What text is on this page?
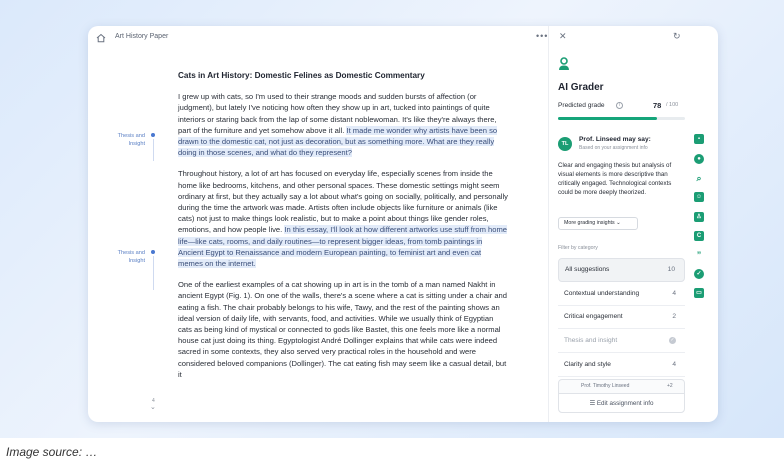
Art History Paper	•••
Cats in Art History: Domestic Felines as Domestic Commentary

I grew up with cats, so I'm used to their strange moods and sudden bursts of affection (or judgment), but lately I've noticing how often they show up in art, tucked into paintings of quite interiors or staring back from the lap of some distant noblewoman. It's like they're always there, part of the furniture and yet somehow above it all. It made me wonder why artists have been so drawn to the domestic cat, not just as decoration, but as something more. What are they really doing in those scenes, and what do they represent?

Throughout history, a lot of art has focused on everyday life, especially scenes from inside the home like bedrooms, kitchens, and other personal spaces. These domestic settings might seem ordinary at first, but they actually say a lot about what's going on socially, politically, and personally during the time the artwork was made. Artists often include objects like furniture or animals (like cats) not just to make things look realistic, but to make a point about things like gender roles, emotions, and how people live. In this essay, I'll look at how different artworks use stuff from home life—like cats, rooms, and daily routines—to represent bigger ideas, from tomb paintings in Ancient Egypt to Renaissance and modern European painting, to feminist art and even cat memes on the internet.

One of the earliest examples of a cat showing up in art is in the tomb of a man named Nakht in ancient Egypt (Fig. 1). On one of the walls, there's a scene where a cat is sitting under a chair and eating a fish. The chair probably belongs to his wife, Tawy, and the rest of the painting shows an ideal version of daily life, with servants, food, and activities. While we usually think of Egyptian cats as being kind of mystical or connected to gods like Bastet, this one feels more like a normal house cat just doing its thing. Egyptologist André Dollinger explains that while cats were indeed sacred in some contexts, they also served very practical roles in the household and were considered beloved companions (Dollinger). The cat eating fish may seem like a casual detail, but it

Thesis and Insight
Thesis and Insight
4
⌄
✕	↻
AI Grader
Predicted grade	i	78 / 100
TL
Prof. Linseed may say:
Based on your assignment info
Clear and engaging thesis but analysis of visual elements is more descriptive than critically engaged. Technological contexts could be more deeply theorized.
More grading insights ⌄
Filter by category
All suggestions	10
Contextual understanding	4
Critical engagement	2
Thesis and insight	✓
Clarity and style	4
Prof. Timothy Linseed	+2
☰ Edit assignment info
▪
●
⌕
☺
♙
C
”
✓
▭
Image source: …
